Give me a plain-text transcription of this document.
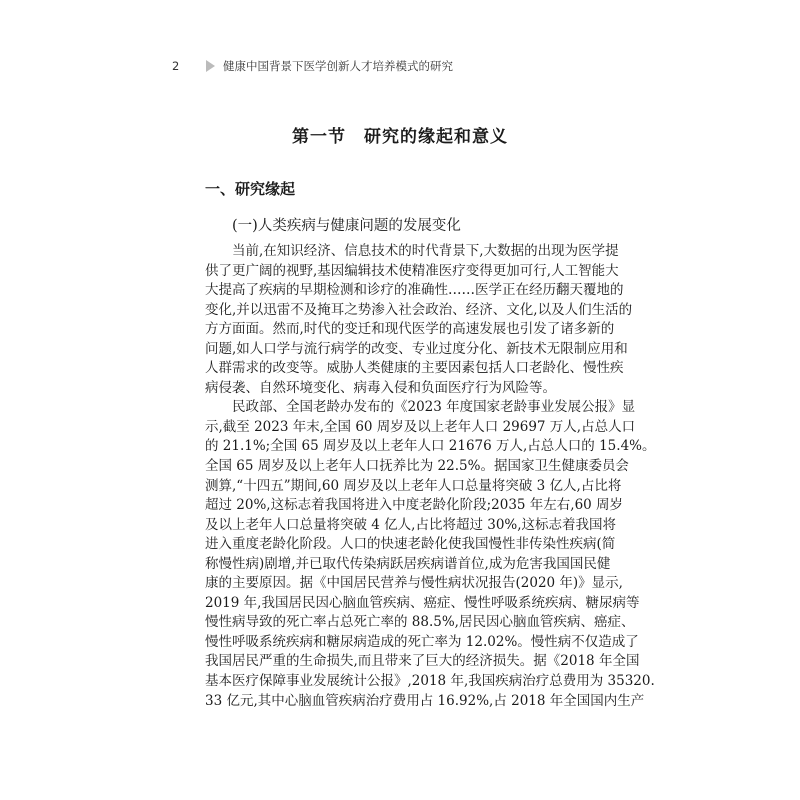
2	健康中国背景下医学创新人才培养模式的研究
第一节　研究的缘起和意义
一、研究缘起
(一)人类疾病与健康问题的发展变化
当前,在知识经济、信息技术的时代背景下,大数据的出现为医学提
供了更广阔的视野,基因编辑技术使精准医疗变得更加可行,人工智能大
大提高了疾病的早期检测和诊疗的准确性……医学正在经历翻天覆地的
变化,并以迅雷不及掩耳之势渗入社会政治、经济、文化,以及人们生活的
方方面面。然而,时代的变迁和现代医学的高速发展也引发了诸多新的
问题,如人口学与流行病学的改变、专业过度分化、新技术无限制应用和
人群需求的改变等。威胁人类健康的主要因素包括人口老龄化、慢性疾
病侵袭、自然环境变化、病毒入侵和负面医疗行为风险等。
民政部、全国老龄办发布的《2023 年度国家老龄事业发展公报》显
示,截至 2023 年末,全国 60 周岁及以上老年人口 29697 万人,占总人口
的 21.1%;全国 65 周岁及以上老年人口 21676 万人,占总人口的 15.4%。
全国 65 周岁及以上老年人口抚养比为 22.5%。据国家卫生健康委员会
测算,“十四五”期间,60 周岁及以上老年人口总量将突破 3 亿人,占比将
超过 20%,这标志着我国将进入中度老龄化阶段;2035 年左右,60 周岁
及以上老年人口总量将突破 4 亿人,占比将超过 30%,这标志着我国将
进入重度老龄化阶段。人口的快速老龄化使我国慢性非传染性疾病(简
称慢性病)剧增,并已取代传染病跃居疾病谱首位,成为危害我国国民健
康的主要原因。据《中国居民营养与慢性病状况报告(2020 年)》显示,
2019 年,我国居民因心脑血管疾病、癌症、慢性呼吸系统疾病、糖尿病等
慢性病导致的死亡率占总死亡率的 88.5%,居民因心脑血管疾病、癌症、
慢性呼吸系统疾病和糖尿病造成的死亡率为 12.02%。慢性病不仅造成了
我国居民严重的生命损失,而且带来了巨大的经济损失。据《2018 年全国
基本医疗保障事业发展统计公报》,2018 年,我国疾病治疗总费用为 35320.
33 亿元,其中心脑血管疾病治疗费用占 16.92%,占 2018 年全国国内生产
